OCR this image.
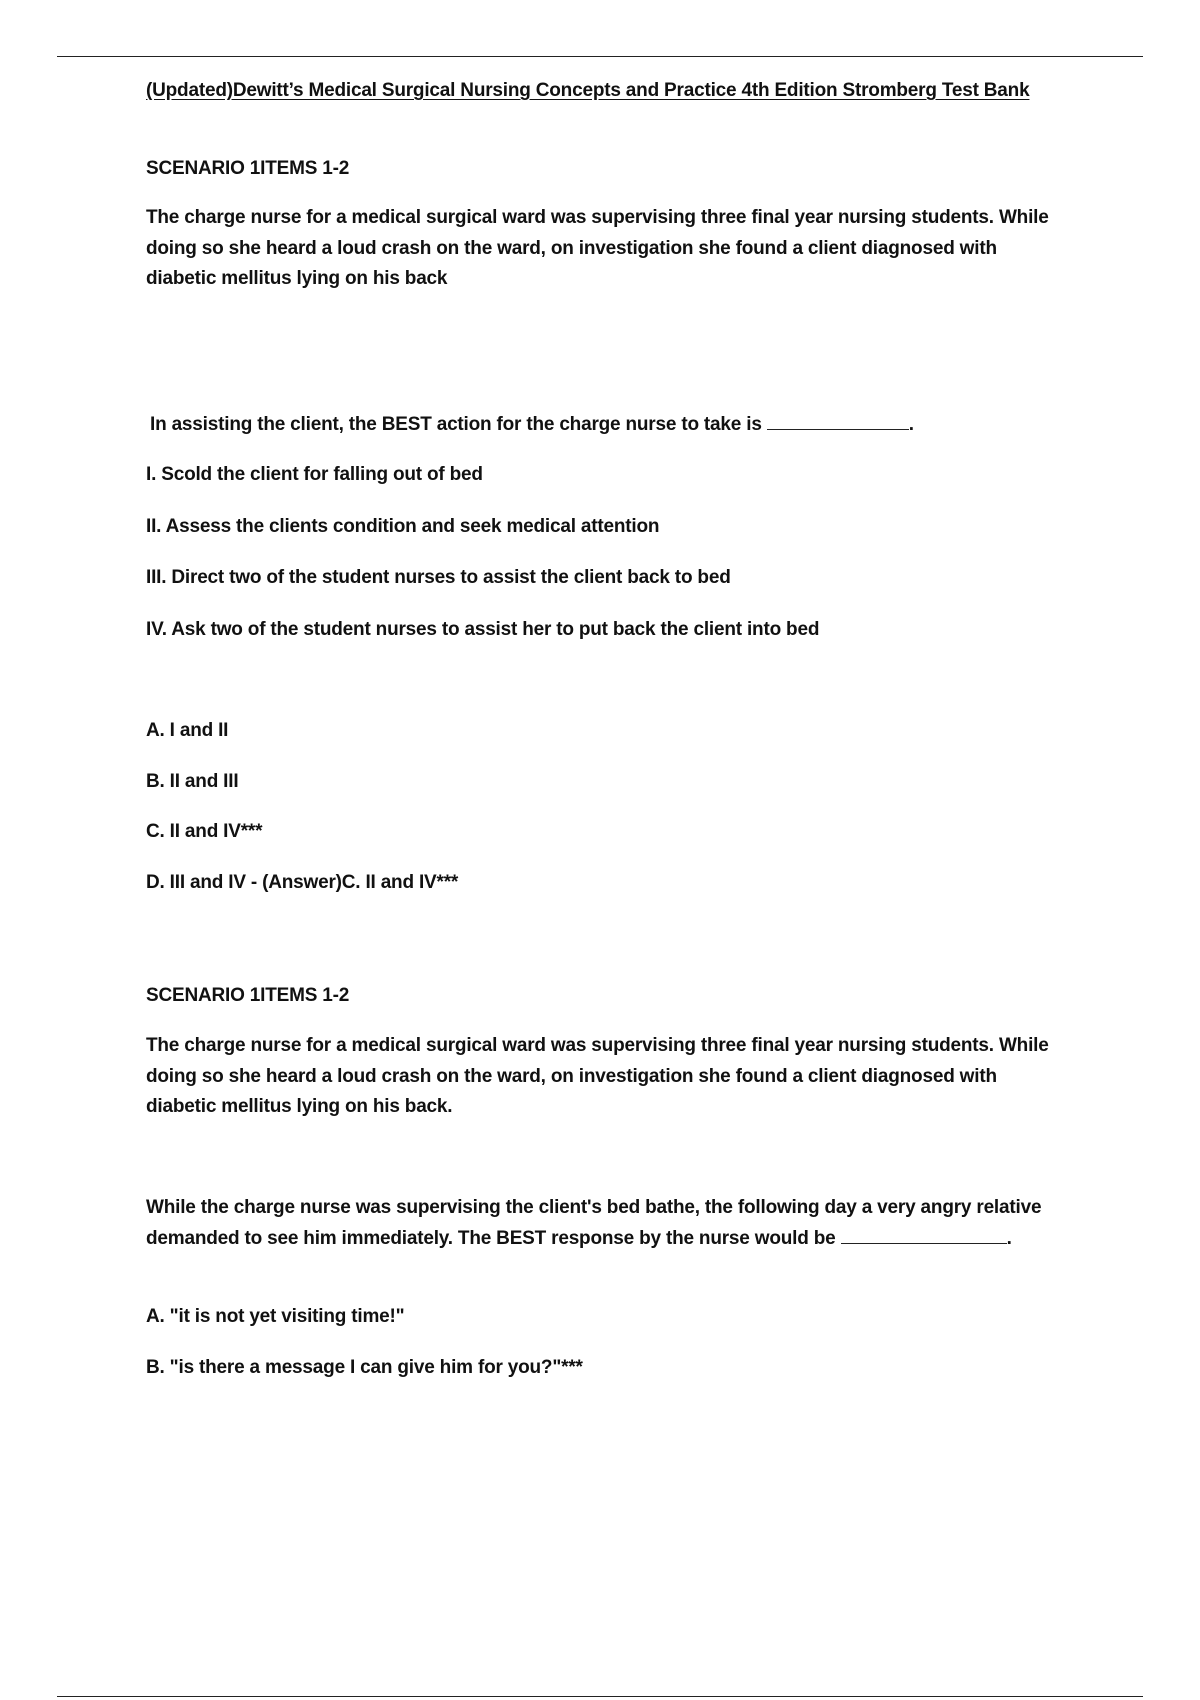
(Updated)Dewitt’s Medical Surgical Nursing Concepts and Practice 4th Edition Stromberg Test Bank
SCENARIO 1ITEMS 1-2
The charge nurse for a medical surgical ward was supervising three final year nursing students. While
doing so she heard a loud crash on the ward, on investigation she found a client diagnosed with
diabetic mellitus lying on his back
In assisting the client, the BEST action for the charge nurse to take is	.
I. Scold the client for falling out of bed
II. Assess the clients condition and seek medical attention
III. Direct two of the student nurses to assist the client back to bed
IV. Ask two of the student nurses to assist her to put back the client into bed
A. I and II
B. II and III
C. II and IV***
D. III and IV - (Answer)C. II and IV***
SCENARIO 1ITEMS 1-2
The charge nurse for a medical surgical ward was supervising three final year nursing students. While
doing so she heard a loud crash on the ward, on investigation she found a client diagnosed with
diabetic mellitus lying on his back.
While the charge nurse was supervising the client's bed bathe, the following day a very angry relative
demanded to see him immediately. The BEST response by the nurse would be	.
A. "it is not yet visiting time!"
B. "is there a message I can give him for you?"***
